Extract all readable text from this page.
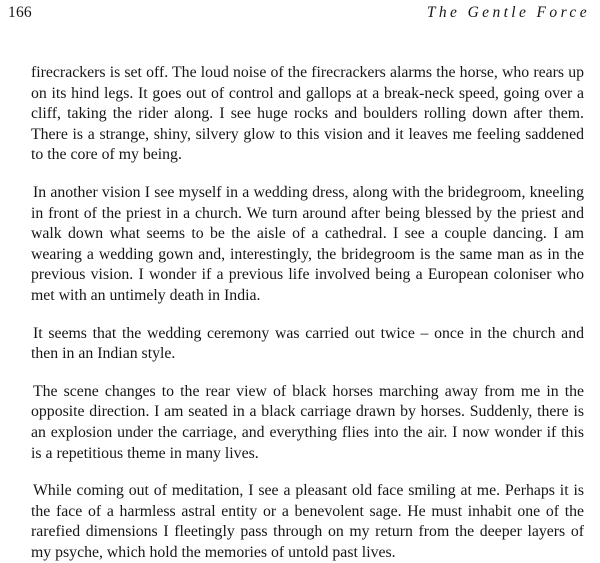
166	The Gentle Force

firecrackers is set off. The loud noise of the firecrackers alarms the horse, who rears up on its hind legs. It goes out of control and gallops at a break-neck speed, going over a cliff, taking the rider along. I see huge rocks and boulders rolling down after them. There is a strange, shiny, silvery glow to this vision and it leaves me feeling saddened to the core of my being.

In another vision I see myself in a wedding dress, along with the bridegroom, kneeling in front of the priest in a church. We turn around after being blessed by the priest and walk down what seems to be the aisle of a cathedral. I see a couple dancing. I am wearing a wedding gown and, interestingly, the bridegroom is the same man as in the previous vision. I wonder if a previous life involved being a European coloniser who met with an untimely death in India.

It seems that the wedding ceremony was carried out twice – once in the church and then in an Indian style.

The scene changes to the rear view of black horses marching away from me in the opposite direction. I am seated in a black carriage drawn by horses. Suddenly, there is an explosion under the carriage, and everything flies into the air. I now wonder if this is a repetitious theme in many lives.

While coming out of meditation, I see a pleasant old face smiling at me. Perhaps it is the face of a harmless astral entity or a benevolent sage. He must inhabit one of the rarefied dimensions I fleetingly pass through on my return from the deeper layers of my psyche, which hold the memories of untold past lives.
